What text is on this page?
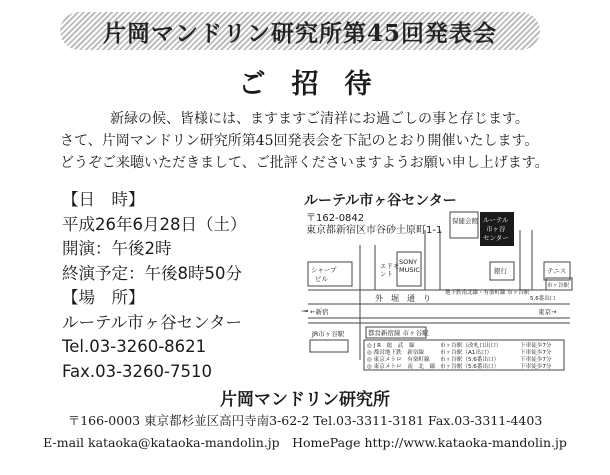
片岡マンドリン研究所第45回発表会
ご招待
新緑の候、皆様には、ますますご清祥にお過ごしの事と存じます。
さて、片岡マンドリン研究所第45回発表会を下記のとおり開催いたします。
どうぞご来聴いただきまして、ご批評くださいますようお願い申し上げます。
【日　時】
平成26年6月28日（土）
開演：午後2時
終演予定：午後8時50分
【場　所】
ルーテル市ヶ谷センター
Tel.03-3260-8621
Fax.03-3260-7510
ルーテル市ヶ谷センター
〒162-0842
東京都新宿区市谷砂土原町1-1
保健会館 ルーテル
市ヶ谷
センター
シャープ
ビル
エドモ
ント
SONY
MUSIC	銀行	テニス
市ヶ谷駅
5,6番出口
地下鉄南北線・有楽町線 市ヶ谷駅
外　堀　通　り
←新宿	東京→
JR市ヶ谷駅	都営新宿線 市ヶ谷駅
◎ J R　総　武　線	市ヶ谷駅（改札口出口）	下車徒歩7分
◎ 都営地下鉄　新宿線	市ヶ谷駅（A1出口）	下車徒歩7分
◎ 東京メトロ　有楽町線 市ヶ谷駅（5.6番出口）	下車徒歩7分
◎ 東京メトロ　南　北　線 市ヶ谷駅（5.6番出口）	下車徒歩7分
片岡マンドリン研究所
〒166-0003 東京都杉並区高円寺南3-62-2 Tel.03-3311-3181 Fax.03-3311-4403
E-mail kataoka@kataoka-mandolin.jp　HomePage http://www.kataoka-mandolin.jp
